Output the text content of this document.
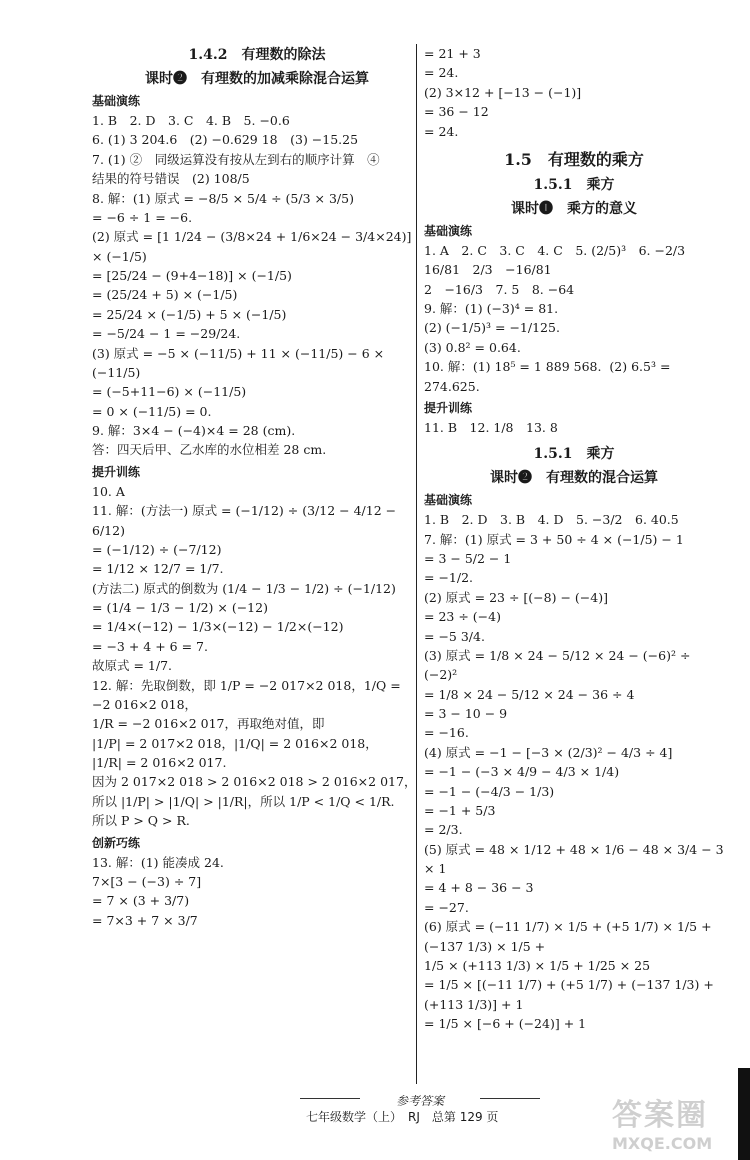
1.4.2　有理数的除法
课时❷　有理数的加减乘除混合运算
基础演练
1. B　2. D　3. C　4. B　5. −0.6
6. (1) 3 204.6　(2) −0.629 18　(3) −15.25
7. (1) ②　同级运算没有按从左到右的顺序计算　④
结果的符号错误　(2) 108/5
8. 解：(1) 原式 = −8/5 × 5/4 ÷ (5/3 × 3/5)
= −6 ÷ 1 = −6.
(2) 原式 = [1 1/24 − (3/8×24 + 1/6×24 − 3/4×24)] × (−1/5)
= [25/24 − (9+4−18)] × (−1/5)
= (25/24 + 5) × (−1/5)
= 25/24 × (−1/5) + 5 × (−1/5)
= −5/24 − 1 = −29/24.
(3) 原式 = −5 × (−11/5) + 11 × (−11/5) − 6 × (−11/5)
= (−5+11−6) × (−11/5)
= 0 × (−11/5) = 0.
9. 解：3×4 − (−4)×4 = 28 (cm).
答：四天后甲、乙水库的水位相差 28 cm.
提升训练
10. A
11. 解：(方法一) 原式 = (−1/12) ÷ (3/12 − 4/12 − 6/12)
= (−1/12) ÷ (−7/12)
= 1/12 × 12/7 = 1/7.
(方法二) 原式的倒数为 (1/4 − 1/3 − 1/2) ÷ (−1/12)
= (1/4 − 1/3 − 1/2) × (−12)
= 1/4×(−12) − 1/3×(−12) − 1/2×(−12)
= −3 + 4 + 6 = 7.
故原式 = 1/7.
12. 解：先取倒数，即 1/P = −2 017×2 018，1/Q = −2 016×2 018，
1/R = −2 016×2 017，再取绝对值，即
|1/P| = 2 017×2 018，|1/Q| = 2 016×2 018，
|1/R| = 2 016×2 017.
因为 2 017×2 018 > 2 016×2 018 > 2 016×2 017，
所以 |1/P| > |1/Q| > |1/R|，所以 1/P < 1/Q < 1/R.
所以 P > Q > R.
创新巧练
13. 解：(1) 能凑成 24.
7×[3 − (−3) ÷ 7]
= 7 × (3 + 3/7)
= 7×3 + 7 × 3/7
= 21 + 3
= 24.
(2) 3×12 + [−13 − (−1)]
= 36 − 12
= 24.
1.5　有理数的乘方
1.5.1　乘方
课时❶　乘方的意义
基础演练
1. A　2. C　3. C　4. C　5. (2/5)³　6. −2/3　16/81　2/3　−16/81
2　−16/3　7. 5　8. −64
9. 解：(1) (−3)⁴ = 81.
(2) (−1/5)³ = −1/125.
(3) 0.8² = 0.64.
10. 解：(1) 18⁵ = 1 889 568.  (2) 6.5³ = 274.625.
提升训练
11. B　12. 1/8　13. 8
1.5.1　乘方
课时❷　有理数的混合运算
基础演练
1. B　2. D　3. B　4. D　5. −3/2　6. 40.5
7. 解：(1) 原式 = 3 + 50 ÷ 4 × (−1/5) − 1
= 3 − 5/2 − 1
= −1/2.
(2) 原式 = 23 ÷ [(−8) − (−4)]
= 23 ÷ (−4)
= −5 3/4.
(3) 原式 = 1/8 × 24 − 5/12 × 24 − (−6)² ÷ (−2)²
= 1/8 × 24 − 5/12 × 24 − 36 ÷ 4
= 3 − 10 − 9
= −16.
(4) 原式 = −1 − [−3 × (2/3)² − 4/3 ÷ 4]
= −1 − (−3 × 4/9 − 4/3 × 1/4)
= −1 − (−4/3 − 1/3)
= −1 + 5/3
= 2/3.
(5) 原式 = 48 × 1/12 + 48 × 1/6 − 48 × 3/4 − 3 × 1
= 4 + 8 − 36 − 3
= −27.
(6) 原式 = (−11 1/7) × 1/5 + (+5 1/7) × 1/5 + (−137 1/3) × 1/5 +
1/5 × (+113 1/3) × 1/5 + 1/25 × 25
= 1/5 × [(−11 1/7) + (+5 1/7) + (−137 1/3) + (+113 1/3)] + 1
= 1/5 × [−6 + (−24)] + 1
参考答案
七年级数学（上）　RJ　总第 129 页	答案圈
MXQE.COM
